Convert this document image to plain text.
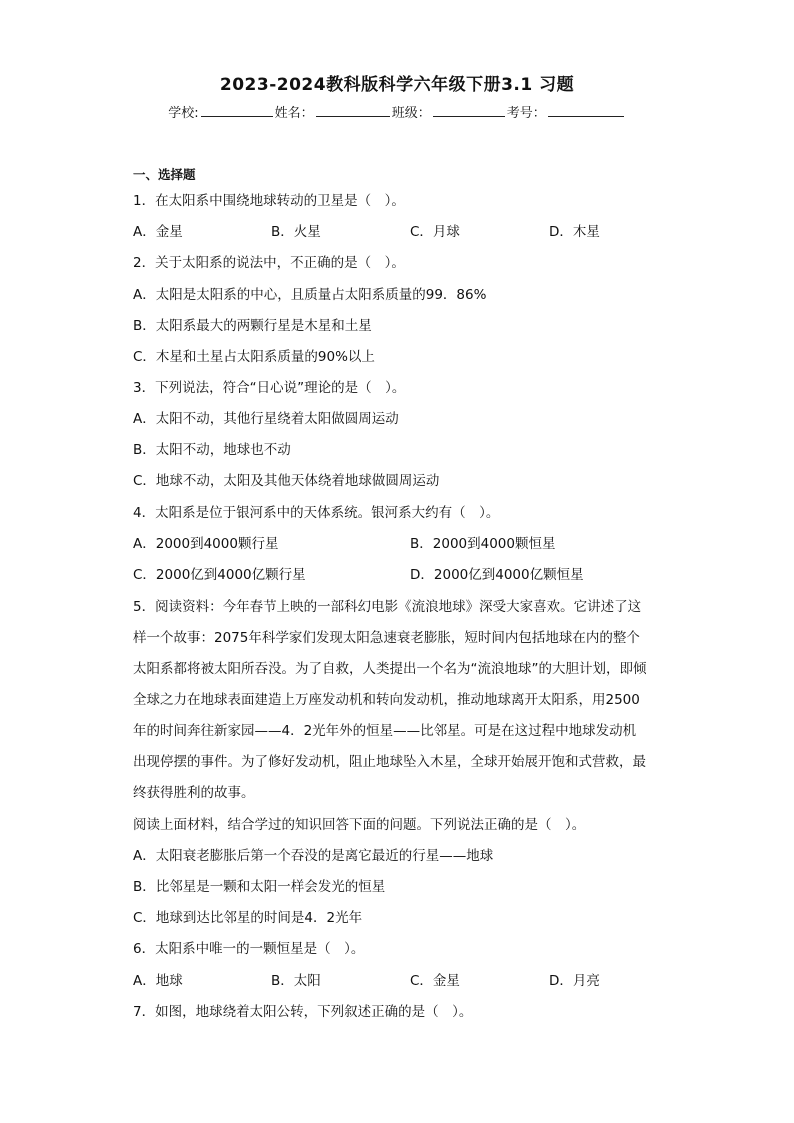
2023-2024教科版科学六年级下册3.1 习题
学校:	姓名：	班级：	考号：
一、选择题
1．在太阳系中围绕地球转动的卫星是（　）。
A．金星	B．火星	C．月球	D．木星
2．关于太阳系的说法中，不正确的是（　）。
A．太阳是太阳系的中心，且质量占太阳系质量的99．86%
B．太阳系最大的两颗行星是木星和土星
C．木星和土星占太阳系质量的90%以上
3．下列说法，符合“日心说”理论的是（　）。
A．太阳不动，其他行星绕着太阳做圆周运动
B．太阳不动，地球也不动
C．地球不动，太阳及其他天体绕着地球做圆周运动
4．太阳系是位于银河系中的天体系统。银河系大约有（　）。
A．2000到4000颗行星	B．2000到4000颗恒星
C．2000亿到4000亿颗行星	D．2000亿到4000亿颗恒星
5．阅读资料：今年春节上映的一部科幻电影《流浪地球》深受大家喜欢。它讲述了这
样一个故事：2075年科学家们发现太阳急速衰老膨胀，短时间内包括地球在内的整个
太阳系都将被太阳所吞没。为了自救，人类提出一个名为“流浪地球”的大胆计划，即倾
全球之力在地球表面建造上万座发动机和转向发动机，推动地球离开太阳系，用2500
年的时间奔往新家园——4．2光年外的恒星——比邻星。可是在这过程中地球发动机
出现停摆的事件。为了修好发动机，阻止地球坠入木星，全球开始展开饱和式营救，最
终获得胜利的故事。
阅读上面材料，结合学过的知识回答下面的问题。下列说法正确的是（　）。
A．太阳衰老膨胀后第一个吞没的是离它最近的行星——地球
B．比邻星是一颗和太阳一样会发光的恒星
C．地球到达比邻星的时间是4．2光年
6．太阳系中唯一的一颗恒星是（　）。
A．地球	B．太阳	C．金星	D．月亮
7．如图，地球绕着太阳公转，下列叙述正确的是（　）。
